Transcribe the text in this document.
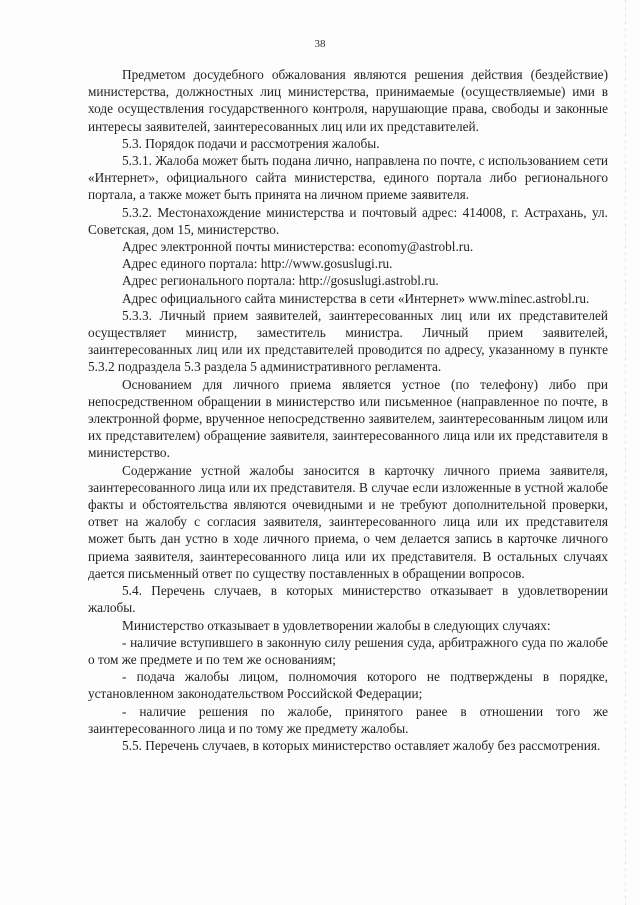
38

Предметом досудебного обжалования являются решения действия (бездействие) министерства, должностных лиц министерства, принимаемые (осуществляемые) ими в ходе осуществления государственного контроля, нарушающие права, свободы и законные интересы заявителей, заинтересованных лиц или их представителей.

5.3. Порядок подачи и рассмотрения жалобы.

5.3.1. Жалоба может быть подана лично, направлена по почте, с использованием сети «Интернет», официального сайта министерства, единого портала либо регионального портала, а также может быть принята на личном приеме заявителя.

5.3.2. Местонахождение министерства и почтовый адрес: 414008, г. Астрахань, ул. Советская, дом 15, министерство.

Адрес электронной почты министерства: economy@astrobl.ru.

Адрес единого портала: http://www.gosuslugi.ru.

Адрес регионального портала: http://gosuslugi.astrobl.ru.

Адрес официального сайта министерства в сети «Интернет» www.minec.astrobl.ru.

5.3.3. Личный прием заявителей, заинтересованных лиц или их представителей осуществляет министр, заместитель министра. Личный прием заявителей, заинтересованных лиц или их представителей проводится по адресу, указанному в пункте 5.3.2 подраздела 5.3 раздела 5 административного регламента.

Основанием для личного приема является устное (по телефону) либо при непосредственном обращении в министерство или письменное (направленное по почте, в электронной форме, врученное непосредственно заявителем, заинтересованным лицом или их представителем) обращение заявителя, заинтересованного лица или их представителя в министерство.

Содержание устной жалобы заносится в карточку личного приема заявителя, заинтересованного лица или их представителя. В случае если изложенные в устной жалобе факты и обстоятельства являются очевидными и не требуют дополнительной проверки, ответ на жалобу с согласия заявителя, заинтересованного лица или их представителя может быть дан устно в ходе личного приема, о чем делается запись в карточке личного приема заявителя, заинтересованного лица или их представителя. В остальных случаях дается письменный ответ по существу поставленных в обращении вопросов.

5.4. Перечень случаев, в которых министерство отказывает в удовлетворении жалобы.

Министерство отказывает в удовлетворении жалобы в следующих случаях:

- наличие вступившего в законную силу решения суда, арбитражного суда по жалобе о том же предмете и по тем же основаниям;

- подача жалобы лицом, полномочия которого не подтверждены в порядке, установленном законодательством Российской Федерации;

- наличие решения по жалобе, принятого ранее в отношении того же заинтересованного лица и по тому же предмету жалобы.

5.5. Перечень случаев, в которых министерство оставляет жалобу без рассмотрения.
